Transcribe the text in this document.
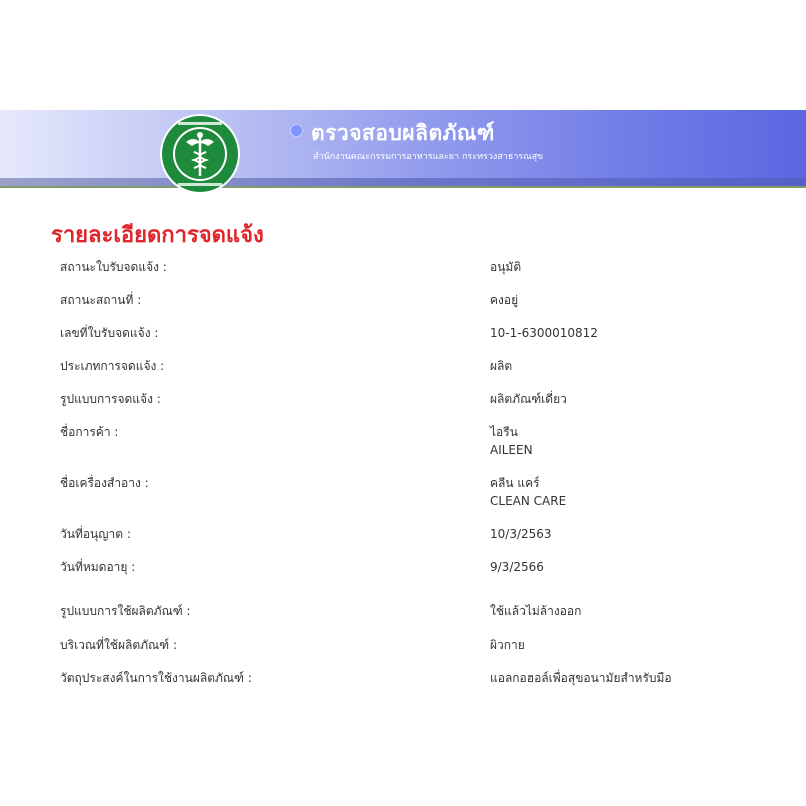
ตรวจสอบผลิตภัณฑ์
สำนักงานคณะกรรมการอาหารและยา กระทรวงสาธารณสุข
รายละเอียดการจดแจ้ง
สถานะใบรับจดแจ้ง :	อนุมัติ
สถานะสถานที่ :	คงอยู่
เลขที่ใบรับจดแจ้ง :	10-1-6300010812
ประเภทการจดแจ้ง :	ผลิต
รูปแบบการจดแจ้ง :	ผลิตภัณฑ์เดี่ยว
ชื่อการค้า :	ไอรีน
AILEEN
ชื่อเครื่องสำอาง :	คลีน แคร์
CLEAN CARE
วันที่อนุญาต :	10/3/2563
วันที่หมดอายุ :	9/3/2566
รูปแบบการใช้ผลิตภัณฑ์ :	ใช้แล้วไม่ล้างออก
บริเวณที่ใช้ผลิตภัณฑ์ :	ผิวกาย
วัตถุประสงค์ในการใช้งานผลิตภัณฑ์ :	แอลกอฮอล์เพื่อสุขอนามัยสำหรับมือ
